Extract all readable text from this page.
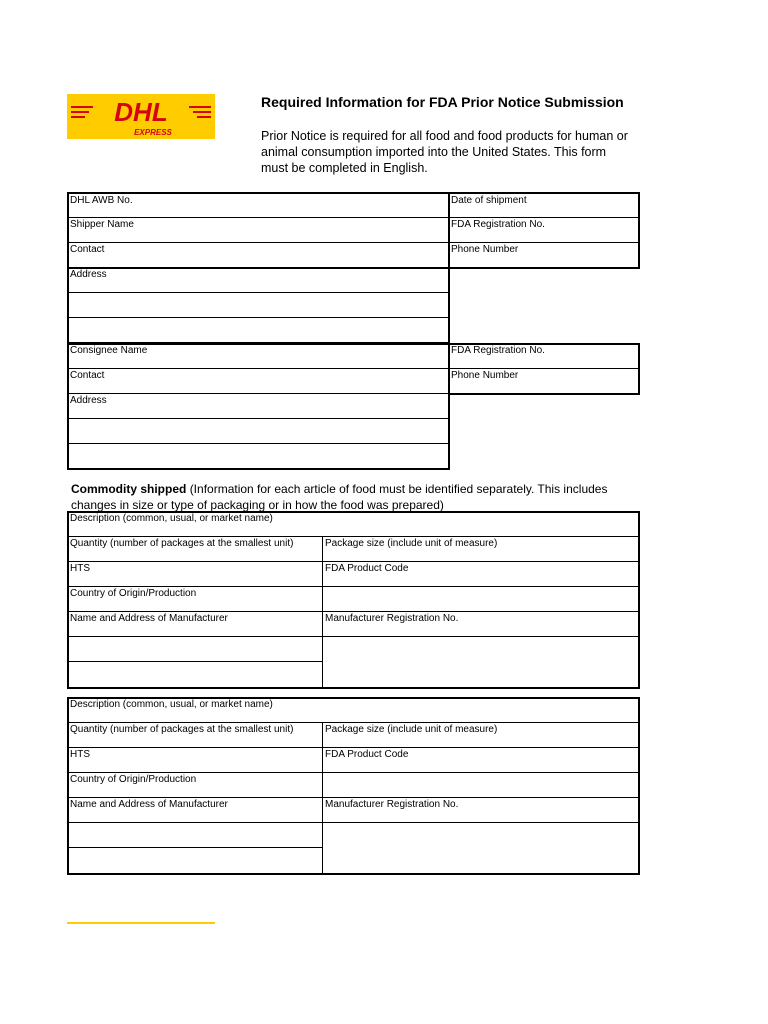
DHL
EXPRESS
Required Information for FDA Prior Notice Submission
Prior Notice is required for all food and food products for human or
animal consumption imported into the United States. This form
must be completed in English.
DHL AWB No.	Date of shipment
Shipper Name	FDA Registration No.
Contact	Phone Number
Address
Consignee Name	FDA Registration No.
Contact	Phone Number
Address
Commodity shipped (Information for each article of food must be identified separately. This includes
changes in size or type of packaging or in how the food was prepared)
Description (common, usual, or market name)
Quantity (number of packages at the smallest unit)	Package size (include unit of measure)
HTS	FDA Product Code
Country of Origin/Production
Name and Address of Manufacturer	Manufacturer Registration No.
Description (common, usual, or market name)
Quantity (number of packages at the smallest unit)	Package size (include unit of measure)
HTS	FDA Product Code
Country of Origin/Production
Name and Address of Manufacturer	Manufacturer Registration No.
